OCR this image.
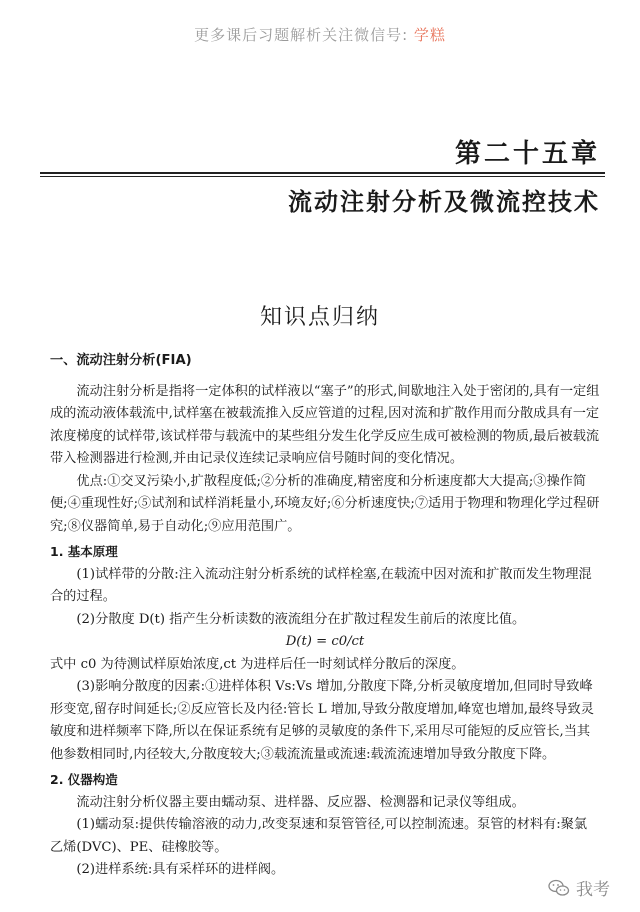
更多课后习题解析关注微信号: 学糕
第二十五章
流动注射分析及微流控技术
知识点归纳

一、流动注射分析(FIA)

流动注射分析是指将一定体积的试样液以“塞子”的形式,间歇地注入处于密闭的,具有一定组成的流动液体载流中,试样塞在被载流推入反应管道的过程,因对流和扩散作用而分散成具有一定浓度梯度的试样带,该试样带与载流中的某些组分发生化学反应生成可被检测的物质,最后被载流带入检测器进行检测,并由记录仪连续记录响应信号随时间的变化情况。

优点:①交叉污染小,扩散程度低;②分析的准确度,精密度和分析速度都大大提高;③操作简便;④重现性好;⑤试剂和试样消耗量小,环境友好;⑥分析速度快;⑦适用于物理和物理化学过程研究;⑧仪器简单,易于自动化;⑨应用范围广。

1. 基本原理

(1)试样带的分散:注入流动注射分析系统的试样栓塞,在载流中因对流和扩散而发生物理混合的过程。

(2)分散度 D(t) 指产生分析读数的液流组分在扩散过程发生前后的浓度比值。

D(t) = c0/ct

式中 c0 为待测试样原始浓度,ct 为进样后任一时刻试样分散后的深度。

(3)影响分散度的因素:①进样体积 Vs:Vs 增加,分散度下降,分析灵敏度增加,但同时导致峰形变宽,留存时间延长;②反应管长及内径:管长 L 增加,导致分散度增加,峰宽也增加,最终导致灵敏度和进样频率下降,所以在保证系统有足够的灵敏度的条件下,采用尽可能短的反应管长,当其他参数相同时,内径较大,分散度较大;③载流流量或流速:载流流速增加导致分散度下降。

2. 仪器构造

流动注射分析仪器主要由蠕动泵、进样器、反应器、检测器和记录仪等组成。

(1)蠕动泵:提供传输溶液的动力,改变泵速和泵管管径,可以控制流速。泵管的材料有:聚氯乙烯(DVC)、PE、硅橡胶等。

(2)进样系统:具有采样环的进样阀。

我考
